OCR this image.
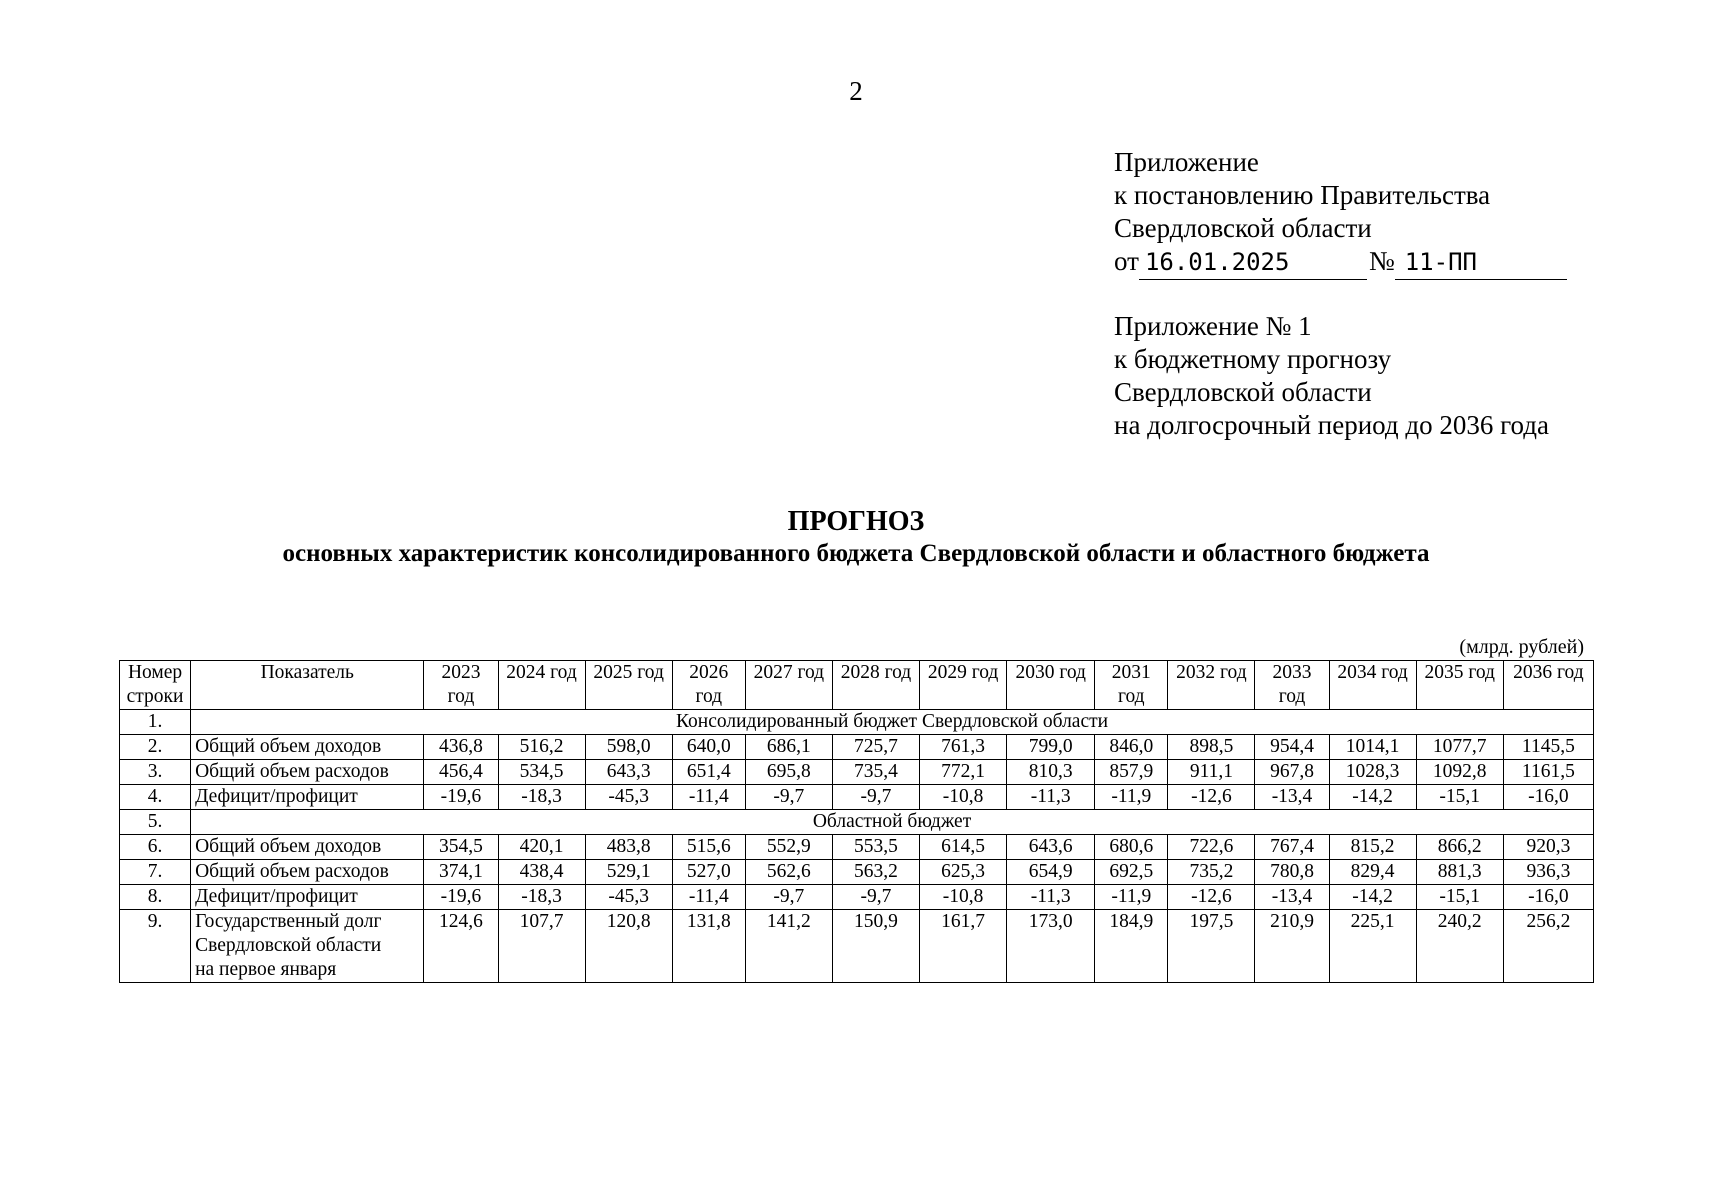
2
Приложение
к постановлению Правительства
Свердловской области
от 16.01.2025	№ 11-ПП
Приложение № 1
к бюджетному прогнозу
Свердловской области
на долгосрочный период до 2036 года
ПРОГНОЗ
основных характеристик консолидированного бюджета Свердловской области и областного бюджета
(млрд. рублей)
Номер строки	Показатель	2023 год	2024 год	2025 год	2026 год	2027 год	2028 год	2029 год	2030 год	2031 год	2032 год	2033 год	2034 год	2035 год	2036 год
1.	Консолидированный бюджет Свердловской области														
2.	Общий объем доходов	436,8	516,2	598,0	640,0	686,1	725,7	761,3	799,0	846,0	898,5	954,4	1014,1	1077,7	1145,5
3.	Общий объем расходов	456,4	534,5	643,3	651,4	695,8	735,4	772,1	810,3	857,9	911,1	967,8	1028,3	1092,8	1161,5
4.	Дефицит/профицит	-19,6	-18,3	-45,3	-11,4	-9,7	-9,7	-10,8	-11,3	-11,9	-12,6	-13,4	-14,2	-15,1	-16,0
5.	Областной бюджет														
6.	Общий объем доходов	354,5	420,1	483,8	515,6	552,9	553,5	614,5	643,6	680,6	722,6	767,4	815,2	866,2	920,3
7.	Общий объем расходов	374,1	438,4	529,1	527,0	562,6	563,2	625,3	654,9	692,5	735,2	780,8	829,4	881,3	936,3
8.	Дефицит/профицит	-19,6	-18,3	-45,3	-11,4	-9,7	-9,7	-10,8	-11,3	-11,9	-12,6	-13,4	-14,2	-15,1	-16,0
9.	Государственный долг
Свердловской области
на первое января	124,6	107,7	120,8	131,8	141,2	150,9	161,7	173,0	184,9	197,5	210,9	225,1	240,2	256,2
